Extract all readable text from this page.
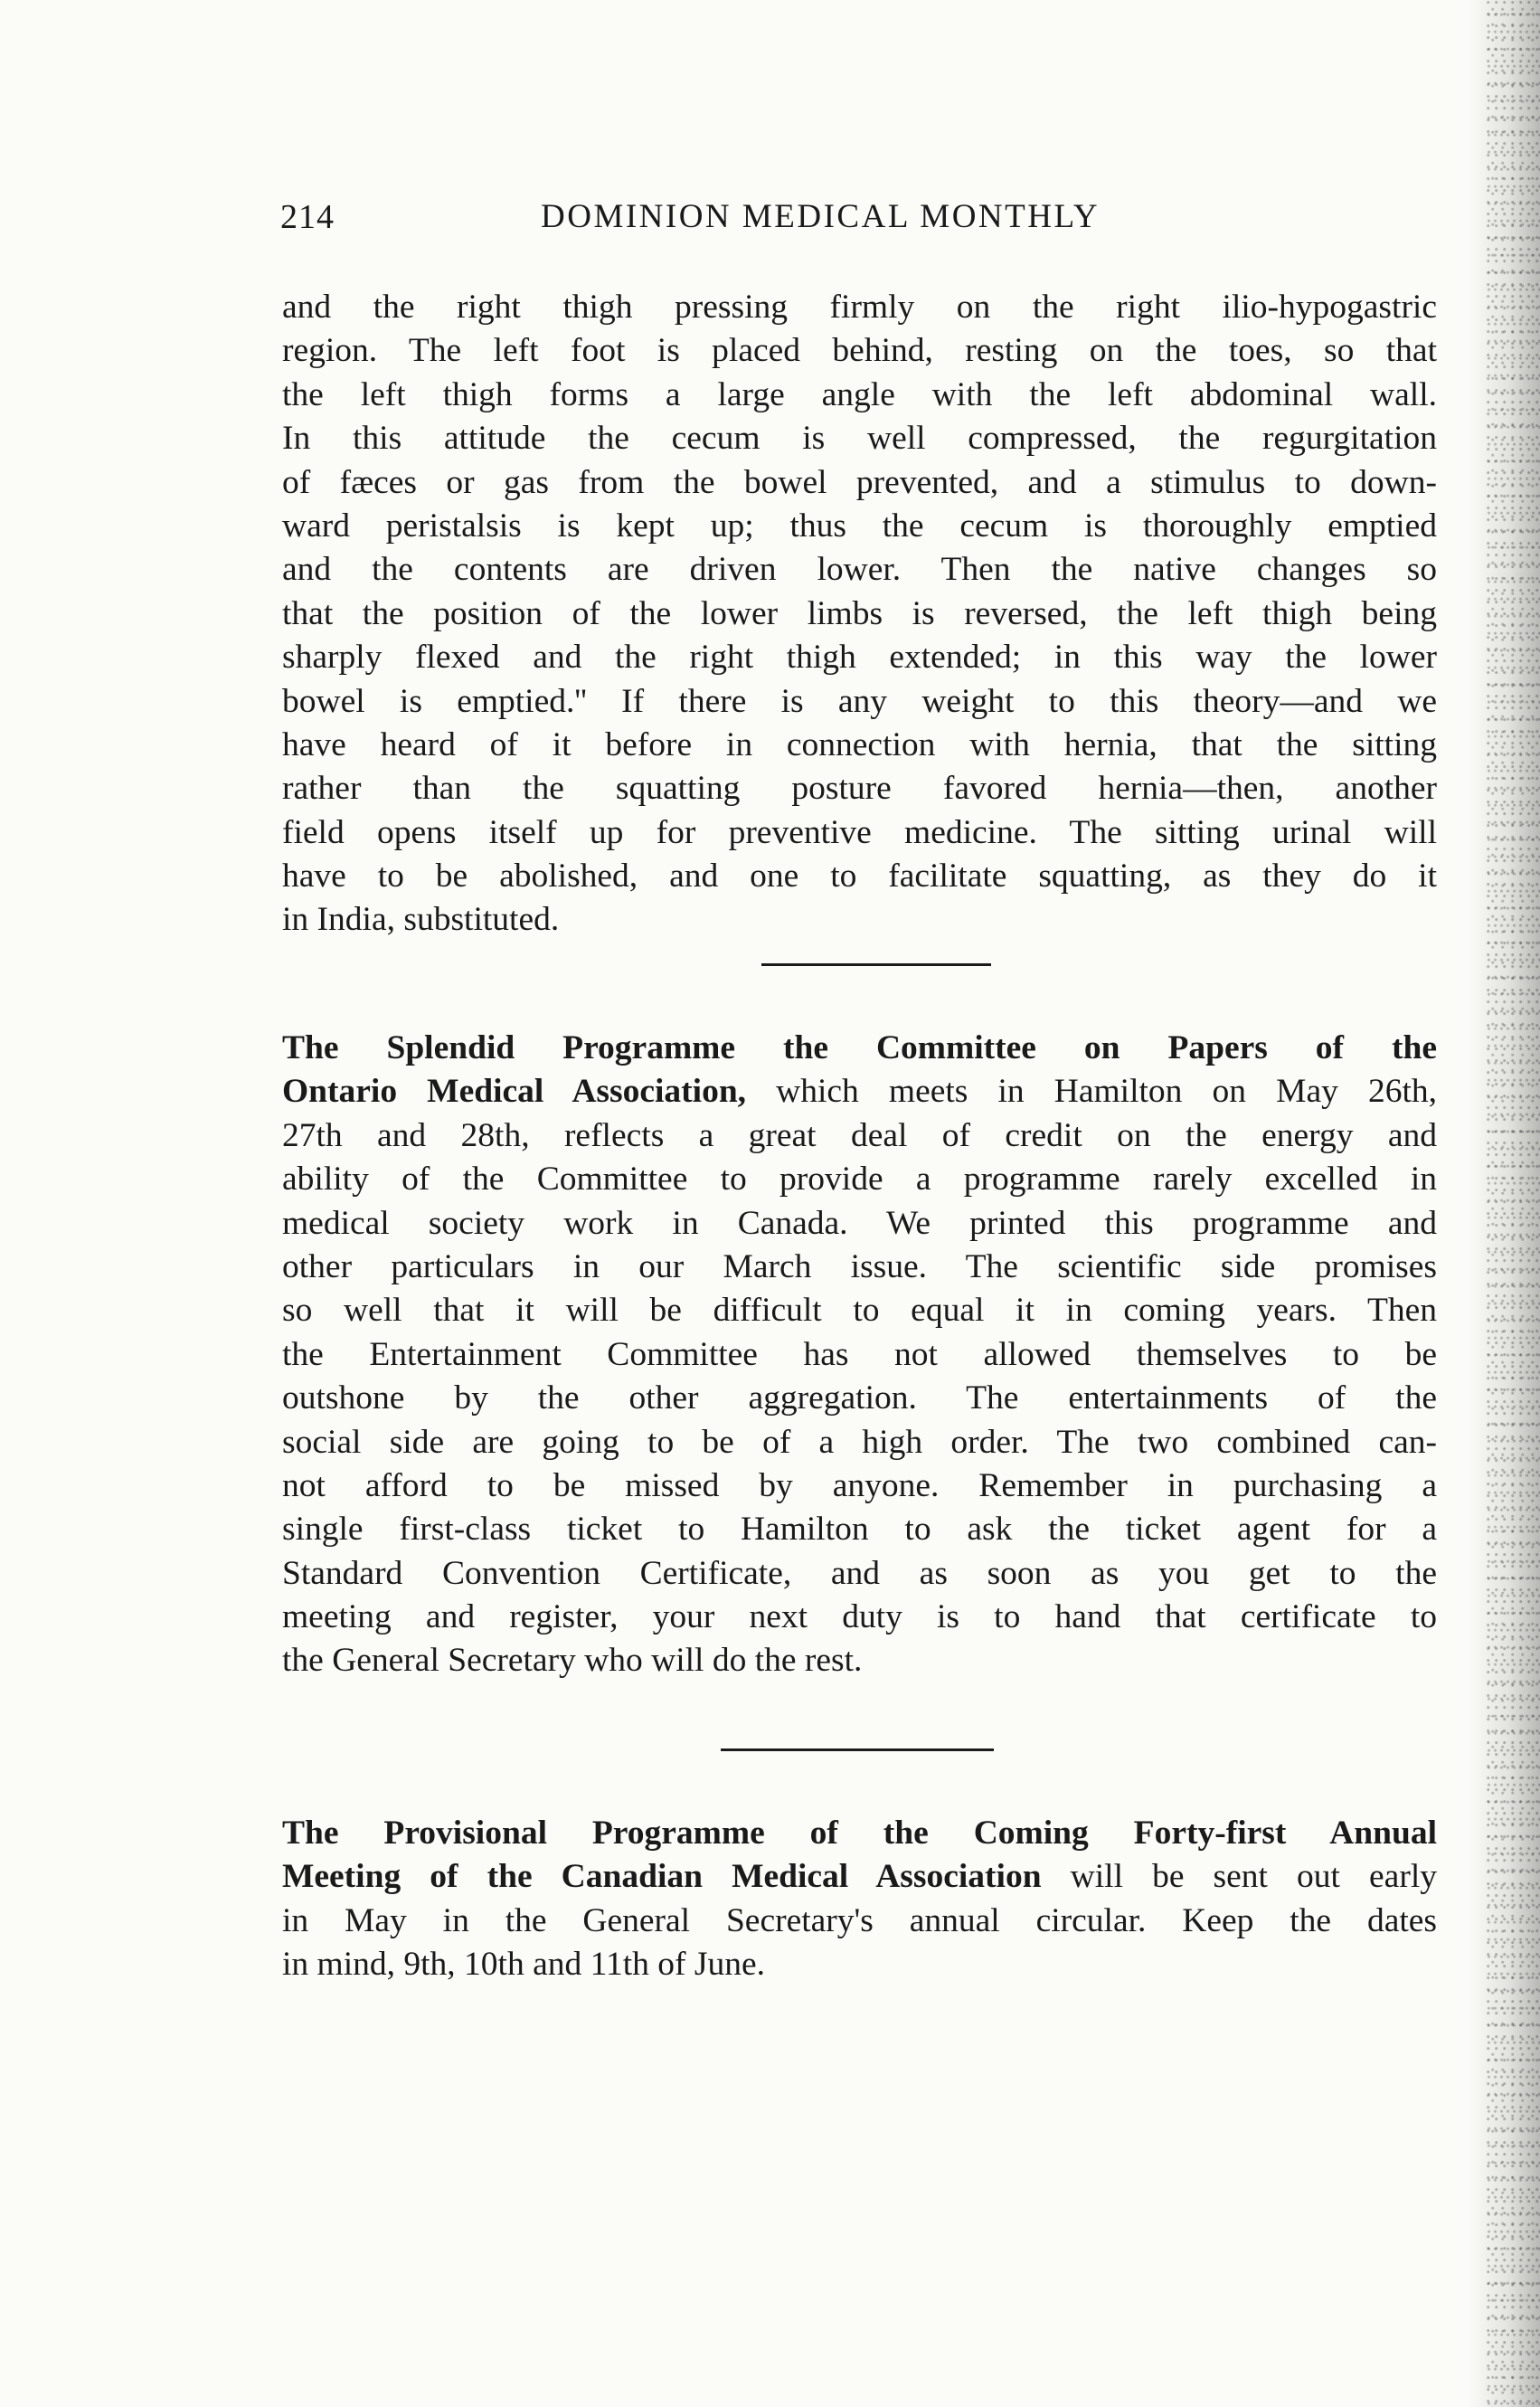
214	DOMINION MEDICAL MONTHLY
and the right thigh pressing firmly on the right ilio-hypogastric
region. The left foot is placed behind, resting on the toes, so that
the left thigh forms a large angle with the left abdominal wall.
In this attitude the cecum is well compressed, the regurgitation
of fæces or gas from the bowel prevented, and a stimulus to down-
ward peristalsis is kept up; thus the cecum is thoroughly emptied
and the contents are driven lower. Then the native changes so
that the position of the lower limbs is reversed, the left thigh being
sharply flexed and the right thigh extended; in this way the lower
bowel is emptied.'' If there is any weight to this theory—and we
have heard of it before in connection with hernia, that the sitting
rather than the squatting posture favored hernia—then, another
field opens itself up for preventive medicine. The sitting urinal will
have to be abolished, and one to facilitate squatting, as they do it
in India, substituted.
The Splendid Programme the Committee on Papers of the
Ontario Medical Association, which meets in Hamilton on May 26th,
27th and 28th, reflects a great deal of credit on the energy and
ability of the Committee to provide a programme rarely excelled in
medical society work in Canada. We printed this programme and
other particulars in our March issue. The scientific side promises
so well that it will be difficult to equal it in coming years. Then
the Entertainment Committee has not allowed themselves to be
outshone by the other aggregation. The entertainments of the
social side are going to be of a high order. The two combined can-
not afford to be missed by anyone. Remember in purchasing a
single first-class ticket to Hamilton to ask the ticket agent for a
Standard Convention Certificate, and as soon as you get to the
meeting and register, your next duty is to hand that certificate to
the General Secretary who will do the rest.
The Provisional Programme of the Coming Forty-first Annual
Meeting of the Canadian Medical Association will be sent out early
in May in the General Secretary's annual circular. Keep the dates
in mind, 9th, 10th and 11th of June.
